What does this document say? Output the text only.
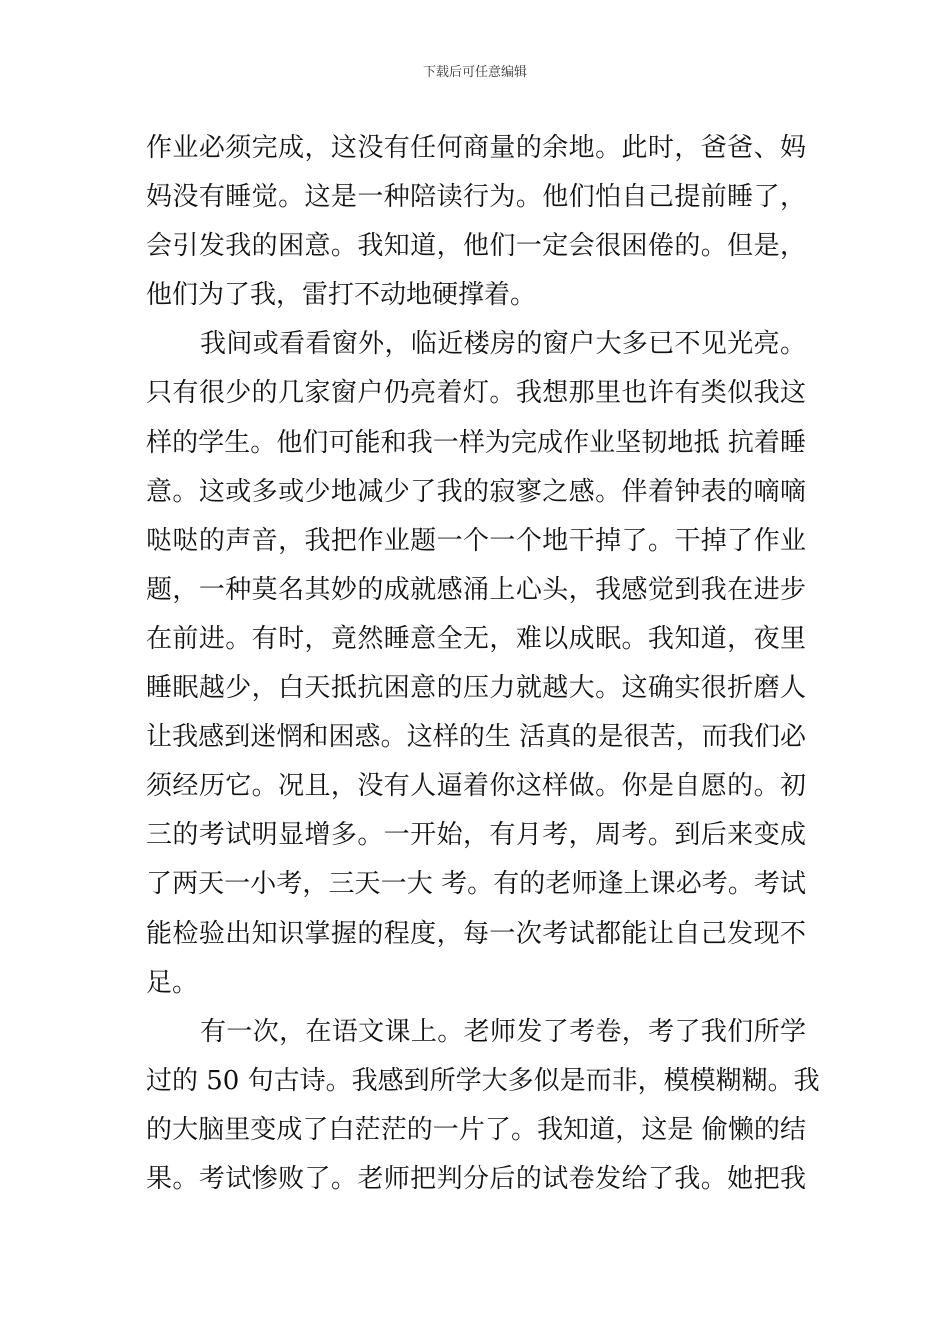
下载后可任意编辑
作业必须完成，这没有任何商量的余地。此时，爸爸、妈
妈没有睡觉。这是一种陪读行为。他们怕自己提前睡了，
会引发我的困意。我知道，他们一定会很困倦的。但是，
他们为了我，雷打不动地硬撑着。
我间或看看窗外，临近楼房的窗户大多已不见光亮。
只有很少的几家窗户仍亮着灯。我想那里也许有类似我这
样的学生。他们可能和我一样为完成作业坚韧地抵 抗着睡
意。这或多或少地减少了我的寂寥之感。伴着钟表的嘀嘀
哒哒的声音，我把作业题一个一个地干掉了。干掉了作业
题，一种莫名其妙的成就感涌上心头，我感觉到我在进步
在前进。有时，竟然睡意全无，难以成眠。我知道，夜里
睡眠越少，白天抵抗困意的压力就越大。这确实很折磨人
让我感到迷惘和困惑。这样的生 活真的是很苦，而我们必
须经历它。况且，没有人逼着你这样做。你是自愿的。初
三的考试明显增多。一开始，有月考，周考。到后来变成
了两天一小考，三天一大 考。有的老师逢上课必考。考试
能检验出知识掌握的程度，每一次考试都能让自己发现不
足。
有一次，在语文课上。老师发了考卷，考了我们所学
过的 50 句古诗。我感到所学大多似是而非，模模糊糊。我
的大脑里变成了白茫茫的一片了。我知道，这是 偷懒的结
果。考试惨败了。老师把判分后的试卷发给了我。她把我
